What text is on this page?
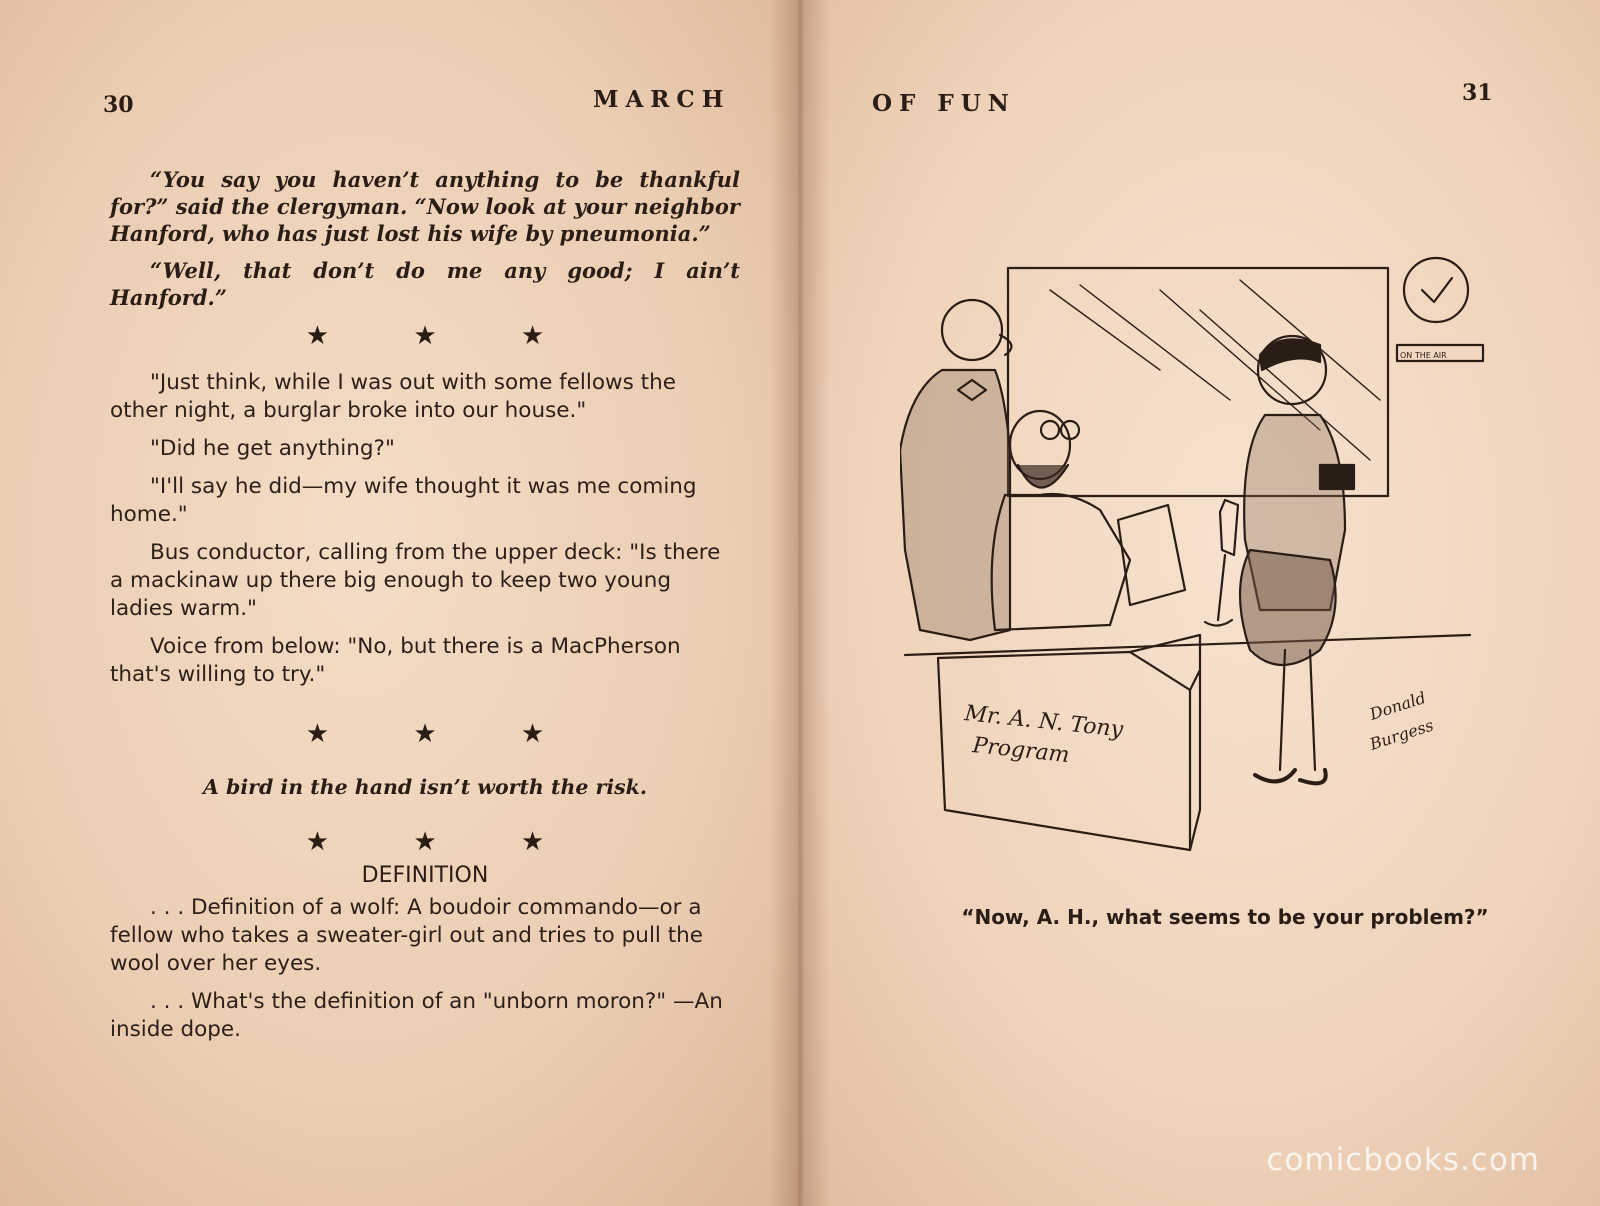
30	MARCH

“You say you haven’t anything to be thankful for?” said the clergyman. “Now look at your neighbor Hanford, who has just lost his wife by pneumonia.”

“Well, that don’t do me any good; I ain’t Hanford.”

★ ★ ★

"Just think, while I was out with some fellows the other night, a burglar broke into our house."

"Did he get anything?"

"I'll say he did—my wife thought it was me coming home."

Bus conductor, calling from the upper deck: "Is there a mackinaw up there big enough to keep two young ladies warm."

Voice from below: "No, but there is a MacPherson that's willing to try."

★ ★ ★

A bird in the hand isn’t worth the risk.

★ ★ ★
DEFINITION

. . . Definition of a wolf: A boudoir commando—or a fellow who takes a sweater-girl out and tries to pull the wool over her eyes.

. . . What's the definition of an "unborn moron?" —An inside dope.

OF FUN	31
ON THE AIR
Mr. A. N. Tony
Program
Donald
Burgess
“Now, A. H., what seems to be your problem?”
comicbooks.com
